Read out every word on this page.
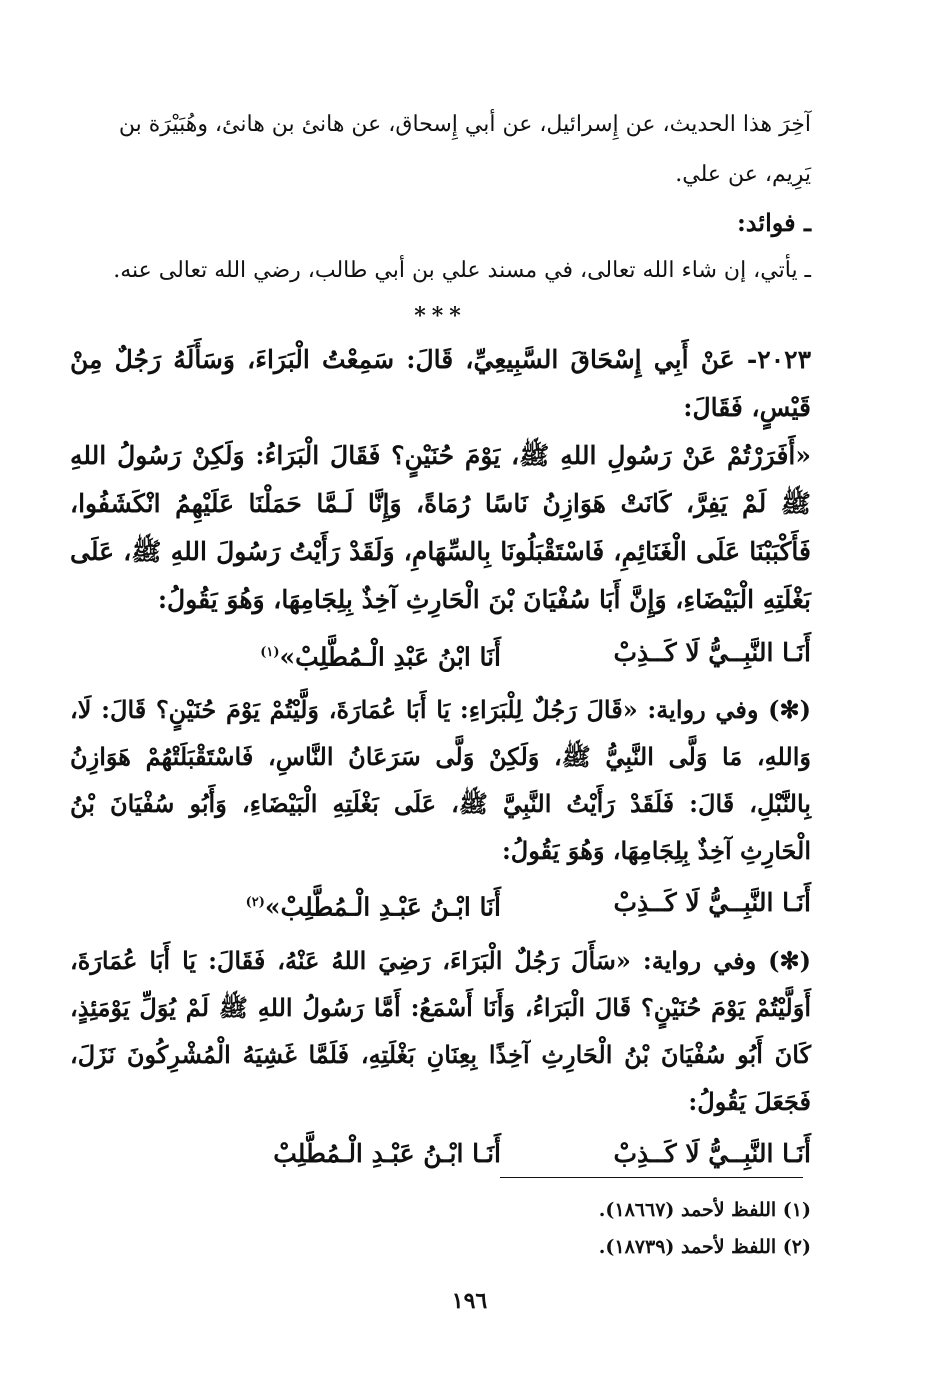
آخِرَ هذا الحديث، عن إِسرائيل، عن أبي إِسحاق، عن هانئ بن هانئ، وهُبَيْرَة بن

يَرِيم، عن علي.

ـ فوائد:

ـ يأتي، إن شاء الله تعالى، في مسند علي بن أبي طالب، رضي الله تعالى عنه.

***

٢٠٢٣- عَنْ أَبِي إِسْحَاقَ السَّبِيعِيِّ، قَالَ: سَمِعْتُ الْبَرَاءَ، وَسَأَلَهُ رَجُلٌ مِنْ قَيْسٍ، فَقَالَ:

«أَفَرَرْتُمْ عَنْ رَسُولِ اللهِ ﷺ، يَوْمَ حُنَيْنٍ؟ فَقَالَ الْبَرَاءُ: وَلَكِنْ رَسُولُ اللهِ ﷺ لَمْ يَفِرَّ، كَانَتْ هَوَازِنُ نَاسًا رُمَاةً، وَإِنَّا لَـمَّا حَمَلْنَا عَلَيْهِمُ انْكَشَفُوا، فَأَكْبَبْنَا عَلَى الْغَنَائِمِ، فَاسْتَقْبَلُونَا بِالسِّهَامِ، وَلَقَدْ رَأَيْتُ رَسُولَ اللهِ ﷺ، عَلَى بَغْلَتِهِ الْبَيْضَاءِ، وَإِنَّ أَبَا سُفْيَانَ بْنَ الْحَارِثِ آخِذٌ بِلِجَامِهَا، وَهُوَ يَقُولُ:

أَنَـا النَّبِــيُّ لَا كَــذِبْ
أَنَا ابْنُ عَبْدِ الْـمُطَّلِبْ»$^{(١)}$

(✻) وفي رواية: «قَالَ رَجُلٌ لِلْبَرَاءِ: يَا أَبَا عُمَارَةَ، وَلَّيْتُمْ يَوْمَ حُنَيْنٍ؟ قَالَ: لَا، وَاللهِ، مَا وَلَّى النَّبِيُّ ﷺ، وَلَكِنْ وَلَّى سَرَعَانُ النَّاسِ، فَاسْتَقْبَلَتْهُمْ هَوَازِنُ بِالنَّبْلِ، قَالَ: فَلَقَدْ رَأَيْتُ النَّبِيَّ ﷺ، عَلَى بَغْلَتِهِ الْبَيْضَاءِ، وَأَبُو سُفْيَانَ بْنُ الْحَارِثِ آخِذٌ بِلِجَامِهَا، وَهُوَ يَقُولُ:

أَنَـا النَّبِــيُّ لَا كَــذِبْ
أَنَا ابْـنُ عَبْـدِ الْـمُطَّلِبْ»$^{(٢)}$

(✻) وفي رواية: «سَأَلَ رَجُلٌ الْبَرَاءَ، رَضِيَ اللهُ عَنْهُ، فَقَالَ: يَا أَبَا عُمَارَةَ، أَوَلَّيْتُمْ يَوْمَ حُنَيْنٍ؟ قَالَ الْبَرَاءُ، وَأَنَا أَسْمَعُ: أَمَّا رَسُولُ اللهِ ﷺ لَمْ يُوَلِّ يَوْمَئِذٍ، كَانَ أَبُو سُفْيَانَ بْنُ الْحَارِثِ آخِذًا بِعِنَانِ بَغْلَتِهِ، فَلَمَّا غَشِيَهُ الْمُشْرِكُونَ نَزَلَ، فَجَعَلَ يَقُولُ:

أَنَـا النَّبِــيُّ لَا كَــذِبْ
أَنَـا ابْـنُ عَبْـدِ الْـمُطَّلِبْ
(١) اللفظ لأحمد (١٨٦٦٧).
(٢) اللفظ لأحمد (١٨٧٣٩).
١٩٦
